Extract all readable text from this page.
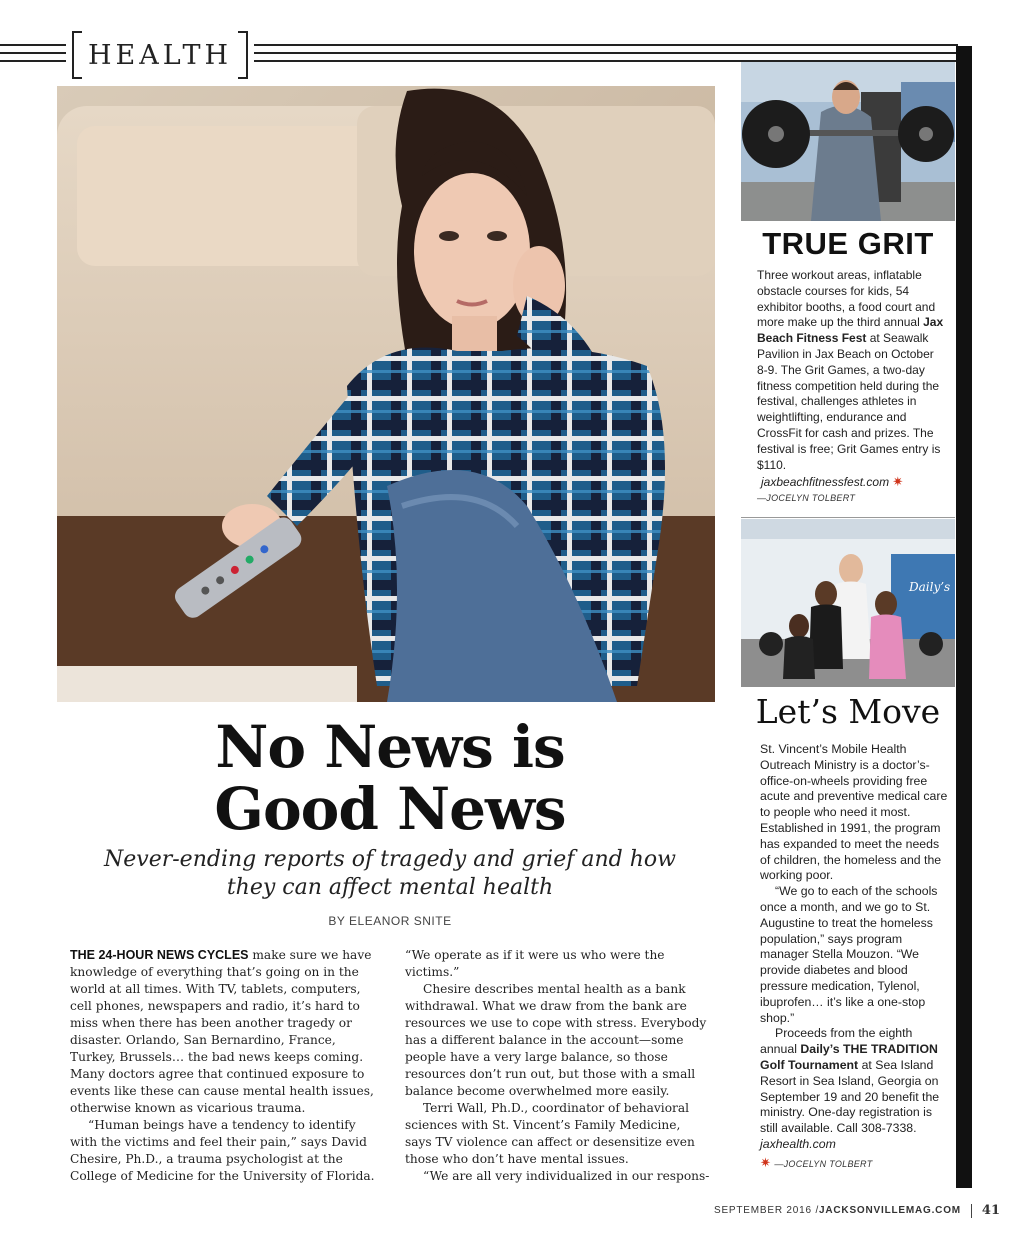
HEALTH
No News is
Good News
Never-ending reports of tragedy and grief and how
they can affect mental health
BY ELEANOR SNITE

THE 24-HOUR NEWS CYCLES make sure we have knowledge of everything that’s going on in the world at all times. With TV, tablets, computers, cell phones, newspapers and radio, it’s hard to miss when there has been another tragedy or disaster. Orlando, San Bernardino, France, Turkey, Brussels… the bad news keeps coming. Many doctors agree that continued exposure to events like these can cause mental health issues, otherwise known as vicarious trauma.

“Human beings have a tendency to identify with the victims and feel their pain,” says David Chesire, Ph.D., a trauma psychologist at the College of Medicine for the University of Florida.

“We operate as if it were us who were the victims.”

Chesire describes mental health as a bank withdrawal. What we draw from the bank are resources we use to cope with stress. Everybody has a different balance in the account—some people have a very large balance, so those resources don’t run out, but those with a small balance become overwhelmed more easily.

Terri Wall, Ph.D., coordinator of behavioral sciences with St. Vincent’s Family Medicine, says TV violence can affect or desensitize even those who don’t have mental issues.

“We are all very individualized in our respons-

TRUE GRIT
Three workout areas, inflatable obstacle courses for kids, 54 exhibitor booths, a food court and more make up the third annual Jax Beach Fitness Fest at Seawalk Pavilion in Jax Beach on October 8-9. The Grit Games, a two-day fitness competition held during the festival, challenges athletes in weightlifting, endurance and CrossFit for cash and prizes. The festival is free; Grit Games entry is $110.
jaxbeachfitnessfest.com ✷
—JOCELYN TOLBERT
Daily’s
Let’s Move

St. Vincent’s Mobile Health Outreach Ministry is a doctor’s-office-on-wheels providing free acute and preventive medical care to people who need it most. Established in 1991, the program has expanded to meet the needs of children, the homeless and the working poor.

“We go to each of the schools once a month, and we go to St. Augustine to treat the homeless population,” says program manager Stella Mouzon. “We provide diabetes and blood pressure medication, Tylenol, ibuprofen… it’s like a one-stop shop.”

Proceeds from the eighth annual Daily’s THE TRADITION Golf Tournament at Sea Island Resort in Sea Island, Georgia on September 19 and 20 benefit the ministry. One-day registration is still available. Call 308-7338. jaxhealth.com

✷ —JOCELYN TOLBERT
SEPTEMBER 2016 / JACKSONVILLEMAG.COM 41
